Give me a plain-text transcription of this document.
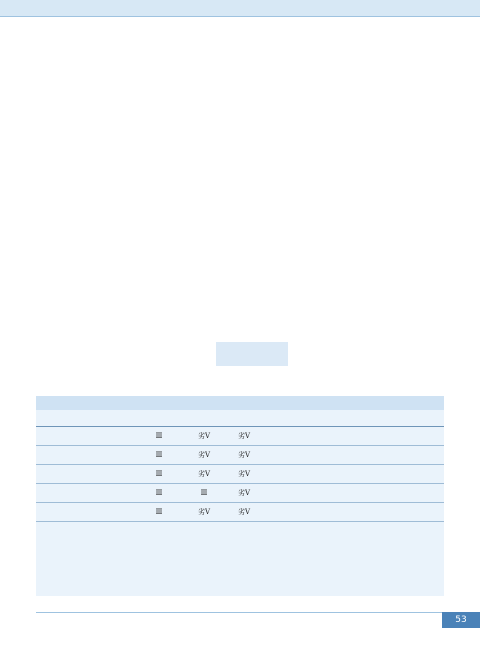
		Ⅲ	劣Ⅴ	劣Ⅴ		
		Ⅲ	劣Ⅴ	劣Ⅴ		
		Ⅲ	劣Ⅴ	劣Ⅴ		
		Ⅲ	Ⅲ	劣Ⅴ		
		Ⅲ	劣Ⅴ	劣Ⅴ		
53
